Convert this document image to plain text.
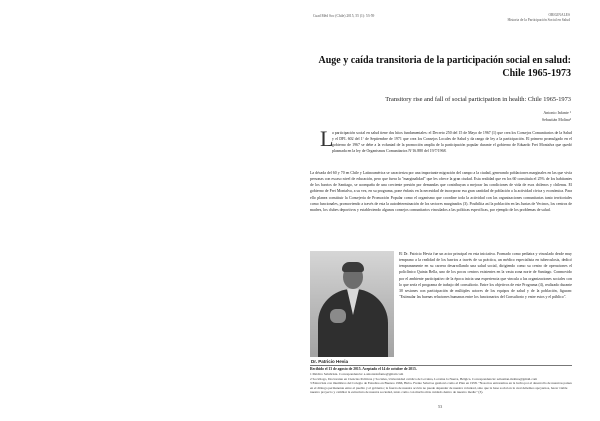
Cuad Méd Soc (Chile) 2015, 55 (1): 53-59	ORIGINALES
Historia de la Participación Social en Salud
Auge y caída transitoria de la participación social en salud: Chile 1965-1973
Transitory rise and fall of social participation in health: Chile 1965-1973
Antonio Infante ¹
Sebastián Molina²
L
a participación social en salud tiene dos hitos fundamentales: el Decreto 250 del 15 de Mayo de 1967 (1) que crea los Consejos Comunitarios de la Salud y el DFL 602 del 1º de Septiembre de 1971 que crea los Consejos Locales de Salud y da rango de ley a la participación. El primero promulgado en el gobierno de 1967 se debe a la voluntad de la promoción amplia de la participación popular durante el gobierno de Eduardo Frei Montalva que quedó plasmada en la ley de Organismos Comunitarios Nº16.880 del 19/7/1968.
La década del 60 y 70 en Chile y Latinoamérica se caracteriza por una importante migración del campo a la ciudad, generando poblaciones marginales en las que vivía personas con escaso nivel de educación, pero que fuera la "marginalidad" que les ofrece la gran ciudad. Esta realidad que en los 60 constituía el 25% de los habitantes de los barrios de Santiago, se acompaña de una creciente presión por demandas que contribuyan a mejorar las condiciones de vida de esos chilenos y chilenas. El gobierno de Frei Montalva, a su vez, en su programa, pone énfasis en la necesidad de incorporar esa gran cantidad de población a la actividad cívica y económica. Para ello planea constituir la Consejería de Promoción Popular como el organismo que coordine toda la actividad con las organizaciones comunitarias tanto territoriales como funcionales, promoviendo a través de esta la autodeterminación de los sectores marginados (3). Posibilita así la población en las Juntas de Vecinos, los centros de madres, los clubes deportivos y estableciendo algunos consejos comunitarios vinculados a las políticas específicas, por ejemplo de los problemas de salud.
El Dr. Patricio Hevia fue un actor principal en esta iniciativa. Formado como pediatra y vinculado desde muy temprano a la realidad de los barrios a través de su práctica, un médico especialista en tuberculosis, dedicó tempranamente en su carrera desarrollando una salud social, dirigiendo como su centro de operaciones el policlínico Quinta Bella, uno de los pocos centros existentes en la vasta zona norte de Santiago. Conmovido por el ambiente participativo de la época inicia una experiencia que vincula a las organizaciones sociales con lo que sería el programa de trabajo del consultorio. Entre los objetivos de este Programa (4), realizado durante 30 sesiones con participación de múltiples actores de los equipos de salud y de la población, figuran: "Estimular las buenas relaciones humanas entre los funcionarios del Consultorio y entre estos y el público".
Dr. Patricio Hevia
Recibido el 13 de agosto de 2015. Aceptado el 14 de octubre de 2015.
1 Médico Salubrista. Correspondencia: a.antonioinfante@gmail.com
2 Sociólogo, Doctorante en Ciencias Políticas y Sociales, Universidad católica de Lovaina, Lovaina la Nueva, Bélgica. Correspondencia: sebastian.molina@gmail.com
3 Entrevista con miembros del Colegio de Estudios en Buenos 1966, Hubo. Frente Salud se gestionó como el Plan en 1958. "Nosotros entraremos en la lucha por el desarrollo de nuestros países en el diálogo permanente entre el pueblo y el gobierno; la fuerza de nuestra acción no puede depender de nuestra voluntad, sino que la base social en la cual debemos apoyarnos, hacer viable nuestro proyecto y cambiar la estructura de nuestra sociedad, tanto como con mucho más cuidado dentro de nuestro medio" (3).
53
